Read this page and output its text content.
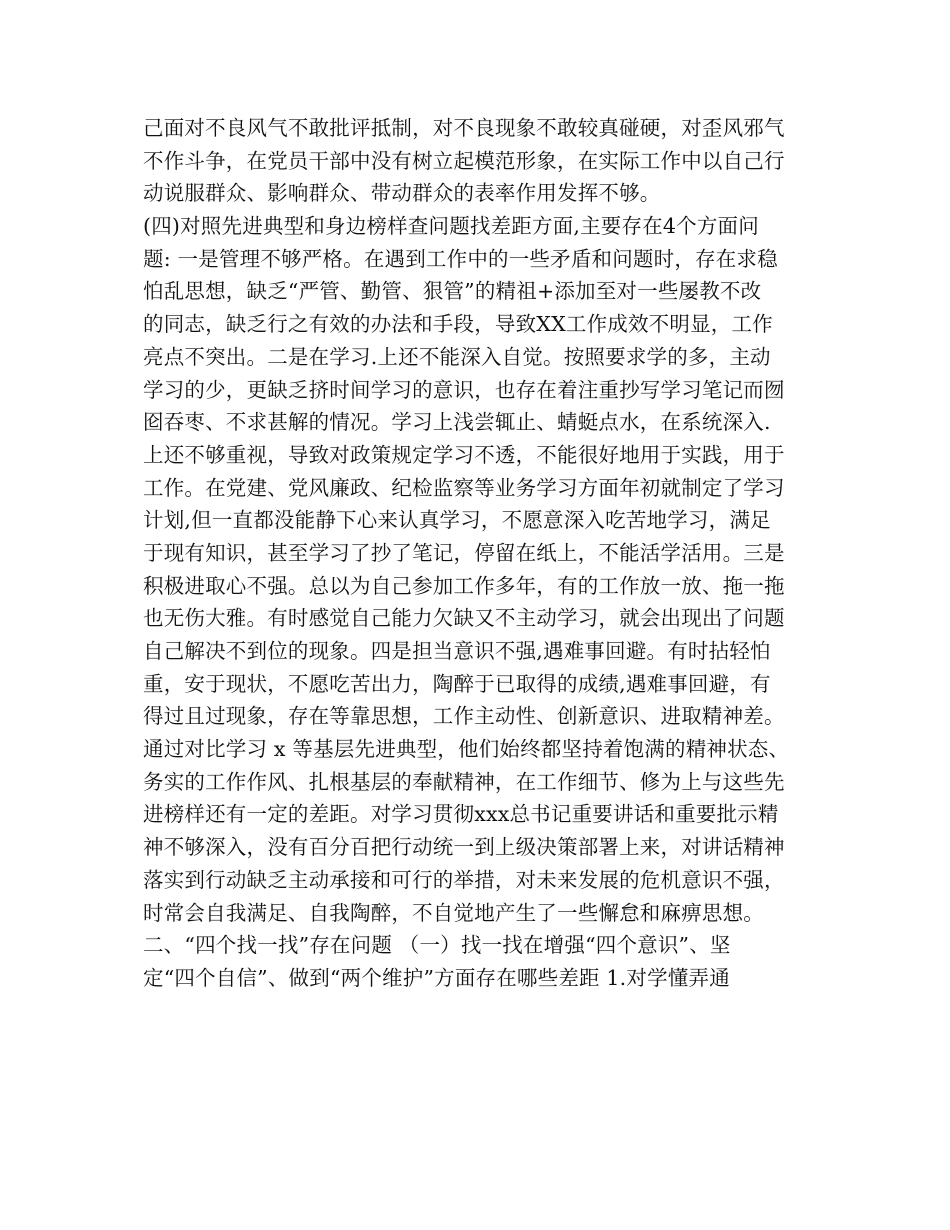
己面对不良风气不敢批评抵制，对不良现象不敢较真碰硬，对歪风邪气
不作斗争，在党员干部中没有树立起模范形象，在实际工作中以自己行
动说服群众、影响群众、带动群众的表率作用发挥不够。
(四)对照先进典型和身边榜样查问题找差距方面,主要存在4个方面问
题: 一是管理不够严格。在遇到工作中的一些矛盾和问题时，存在求稳
怕乱思想，缺乏“严管、勤管、狠管”的精祖+添加至对一些屡教不改
的同志，缺乏行之有效的办法和手段，导致XX工作成效不明显，工作
亮点不突出。二是在学习.上还不能深入自觉。按照要求学的多，主动
学习的少，更缺乏挤时间学习的意识，也存在着注重抄写学习笔记而囫
囵吞枣、不求甚解的情况。学习上浅尝辄止、蜻蜓点水，在系统深入.
上还不够重视，导致对政策规定学习不透，不能很好地用于实践，用于
工作。在党建、党风廉政、纪检监察等业务学习方面年初就制定了学习
计划,但一直都没能静下心来认真学习，不愿意深入吃苦地学习，满足
于现有知识，甚至学习了抄了笔记，停留在纸上，不能活学活用。三是
积极进取心不强。总以为自己参加工作多年，有的工作放一放、拖一拖
也无伤大雅。有时感觉自己能力欠缺又不主动学习，就会出现出了问题
自己解决不到位的现象。四是担当意识不强,遇难事回避。有时拈轻怕
重，安于现状，不愿吃苦出力，陶醉于已取得的成绩,遇难事回避，有
得过且过现象，存在等靠思想，工作主动性、创新意识、进取精神差。
通过对比学习 x 等基层先进典型，他们始终都坚持着饱满的精神状态、
务实的工作作风、扎根基层的奉献精神，在工作细节、修为上与这些先
进榜样还有一定的差距。对学习贯彻xxx总书记重要讲话和重要批示精
神不够深入，没有百分百把行动统一到上级决策部署上来，对讲话精神
落实到行动缺乏主动承接和可行的举措，对未来发展的危机意识不强，
时常会自我满足、自我陶醉，不自觉地产生了一些懈怠和麻痹思想。
二、“四个找一找”存在问题 （一）找一找在增强“四个意识”、坚
定“四个自信”、做到“两个维护”方面存在哪些差距 1.对学懂弄通
